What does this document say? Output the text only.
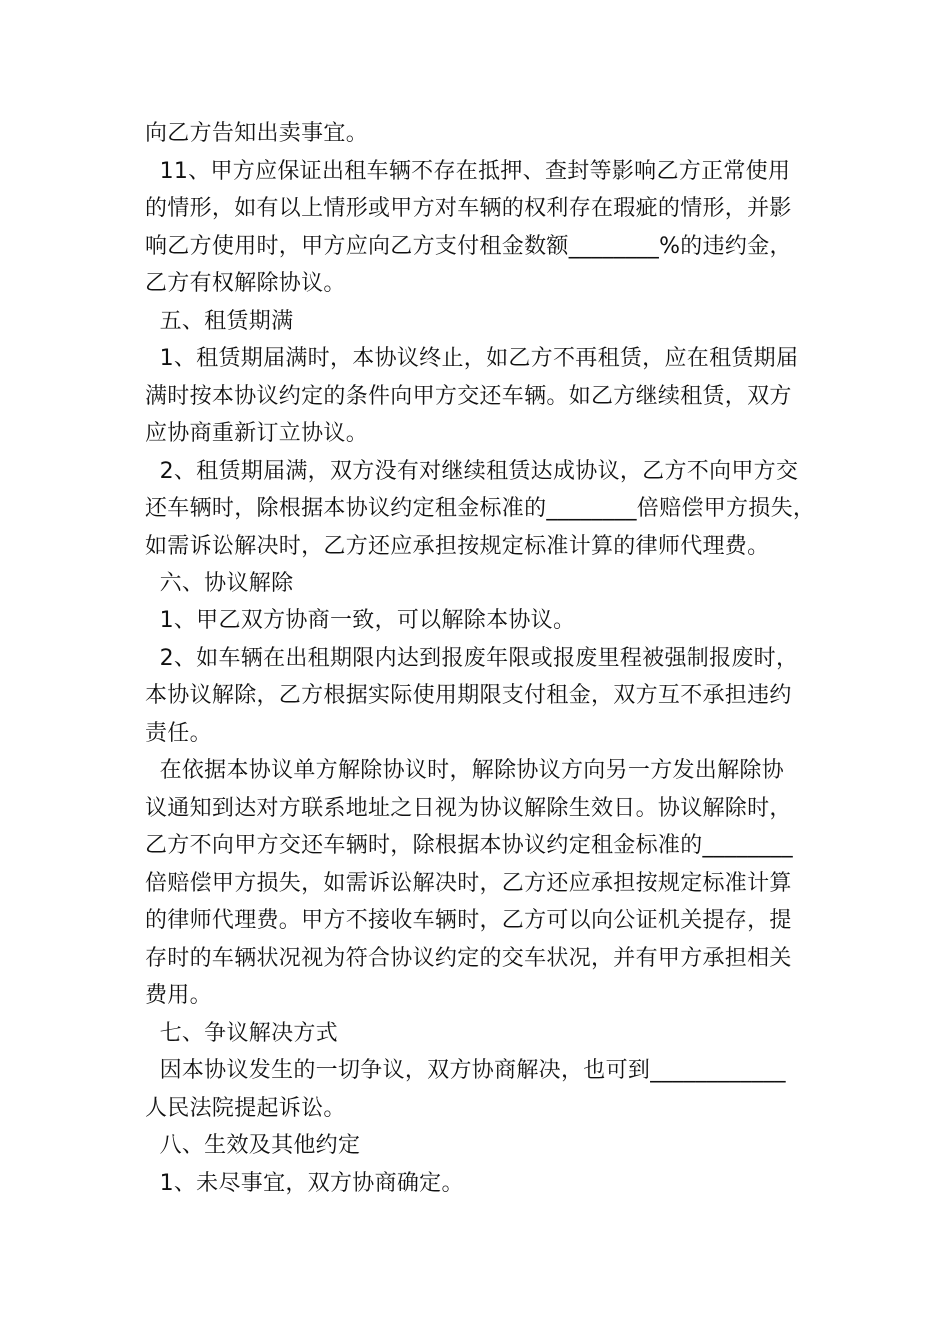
向乙方告知出卖事宜。
11、甲方应保证出租车辆不存在抵押、查封等影响乙方正常使用
的情形，如有以上情形或甲方对车辆的权利存在瑕疵的情形，并影
响乙方使用时，甲方应向乙方支付租金数额________%的违约金，
乙方有权解除协议。
五、租赁期满
1、租赁期届满时，本协议终止，如乙方不再租赁，应在租赁期届
满时按本协议约定的条件向甲方交还车辆。如乙方继续租赁，双方
应协商重新订立协议。
2、租赁期届满，双方没有对继续租赁达成协议，乙方不向甲方交
还车辆时，除根据本协议约定租金标准的________倍赔偿甲方损失，
如需诉讼解决时，乙方还应承担按规定标准计算的律师代理费。
六、协议解除
1、甲乙双方协商一致，可以解除本协议。
2、如车辆在出租期限内达到报废年限或报废里程被强制报废时，
本协议解除，乙方根据实际使用期限支付租金，双方互不承担违约
责任。
在依据本协议单方解除协议时，解除协议方向另一方发出解除协
议通知到达对方联系地址之日视为协议解除生效日。协议解除时，
乙方不向甲方交还车辆时，除根据本协议约定租金标准的________
倍赔偿甲方损失，如需诉讼解决时，乙方还应承担按规定标准计算
的律师代理费。甲方不接收车辆时，乙方可以向公证机关提存，提
存时的车辆状况视为符合协议约定的交车状况，并有甲方承担相关
费用。
七、争议解决方式
因本协议发生的一切争议，双方协商解决，也可到____________
人民法院提起诉讼。
八、生效及其他约定
1、未尽事宜，双方协商确定。
